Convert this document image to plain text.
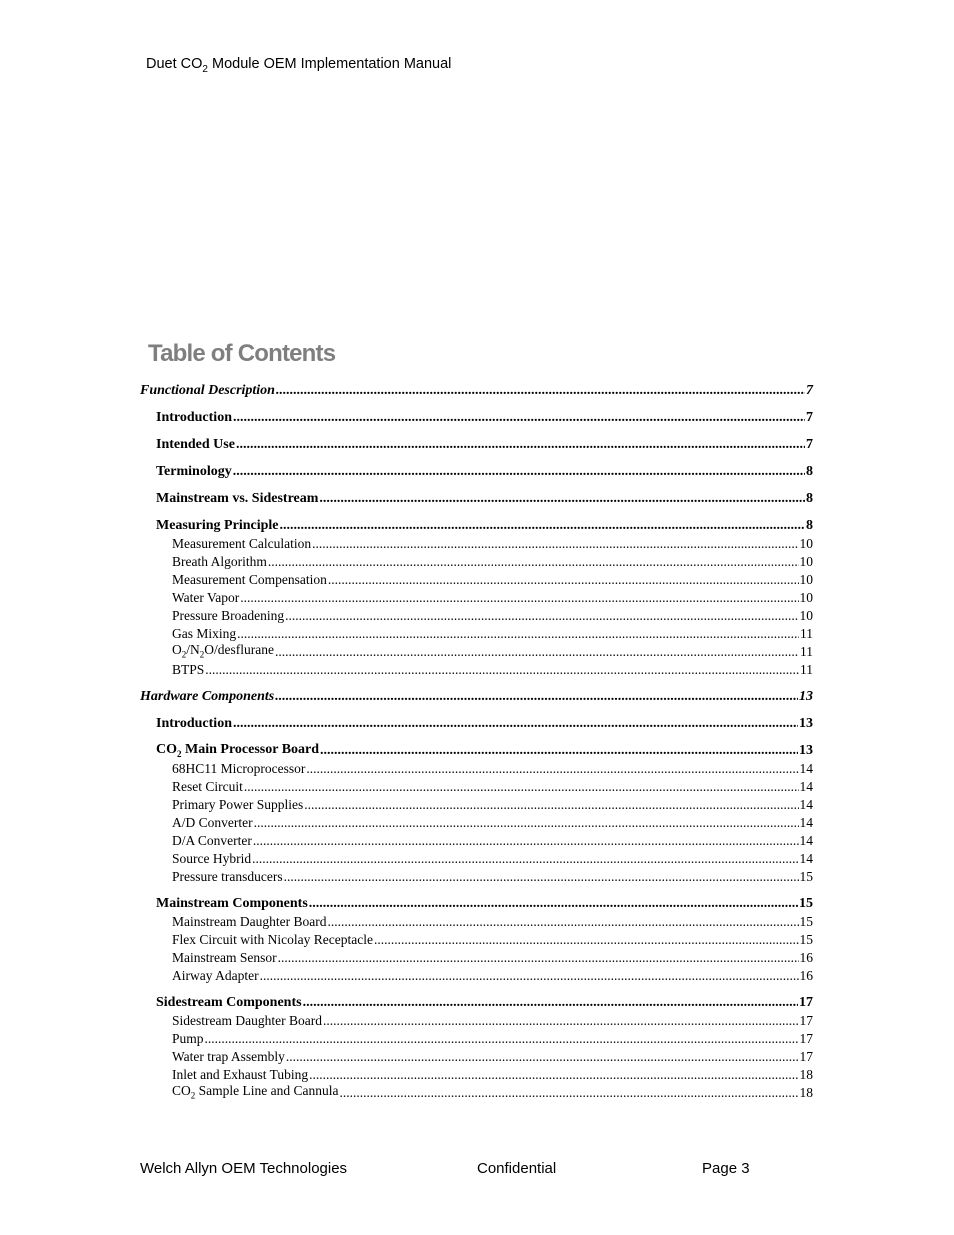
Duet $CO_2$ Module OEM Implementation Manual
Table of Contents
Functional Description .....	7
Introduction .....	7
Intended Use .....	7
Terminology .....	8
Mainstream vs. Sidestream .....	8
Measuring Principle .....	8
Measurement Calculation .....	10
Breath Algorithm .....	10
Measurement Compensation .....	10
Water Vapor .....	10
Pressure Broadening .....	10
Gas Mixing .....	11
$O_2/N_2O$/desflurane .....	11
BTPS .....	11
Hardware Components .....	13
Introduction .....	13
$CO_2$ Main Processor Board .....	13
68HC11 Microprocessor .....	14
Reset Circuit .....	14
Primary Power Supplies .....	14
A/D Converter .....	14
D/A Converter .....	14
Source Hybrid .....	14
Pressure transducers .....	15
Mainstream Components .....	15
Mainstream Daughter Board .....	15
Flex Circuit with Nicolay Receptacle .....	15
Mainstream Sensor .....	16
Airway Adapter .....	16
Sidestream Components .....	17
Sidestream Daughter Board .....	17
Pump .....	17
Water trap Assembly .....	17
Inlet and Exhaust Tubing .....	18
$CO_2$ Sample Line and Cannula .....	18
Welch Allyn OEM Technologies	Confidential	Page 3
